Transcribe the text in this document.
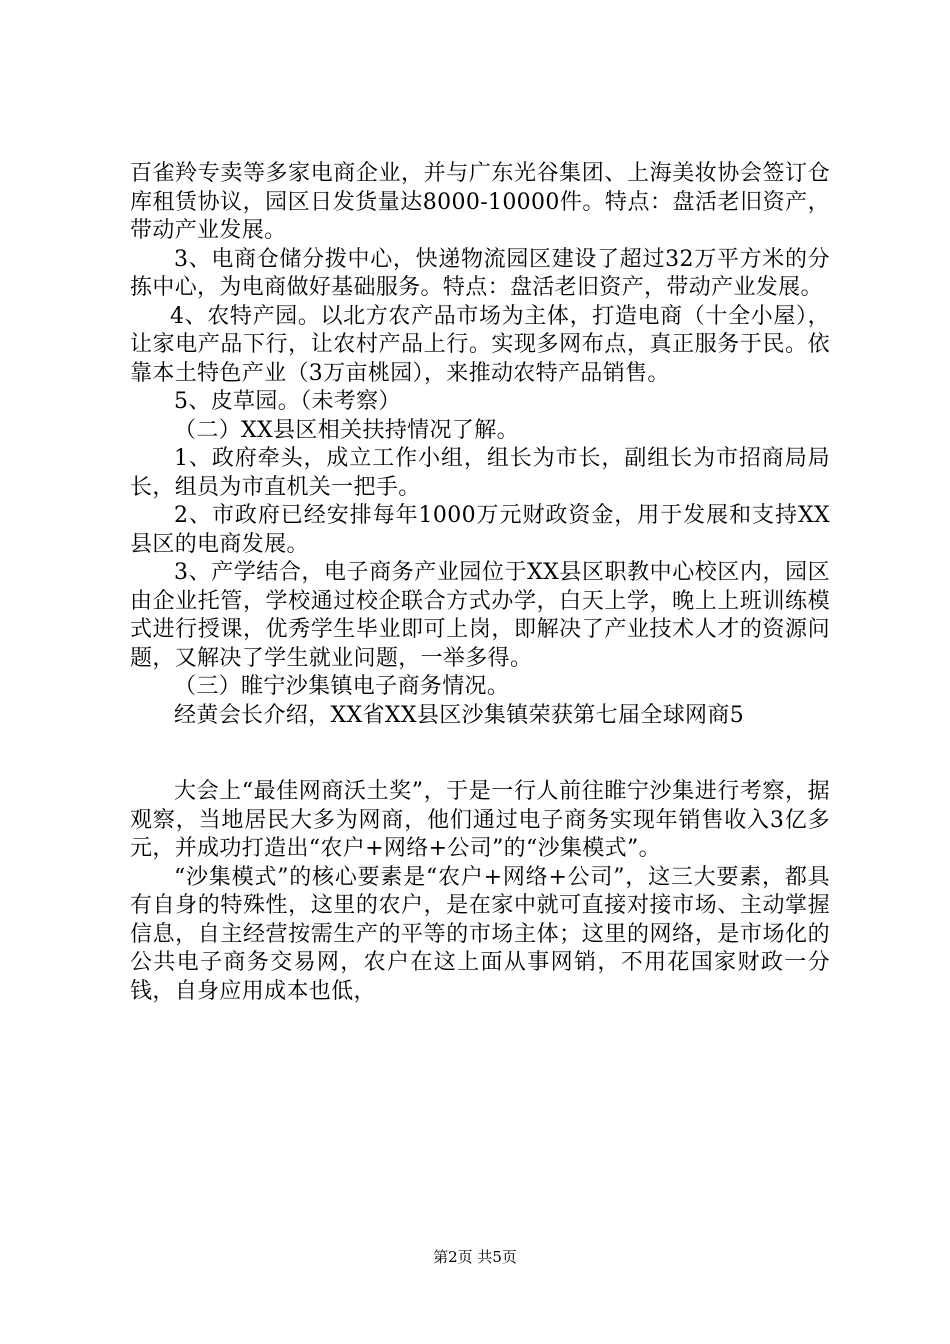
百雀羚专卖等多家电商企业，并与广东光谷集团、上海美妆协会签订仓库租赁协议，园区日发货量达8000-10000件。特点：盘活老旧资产，带动产业发展。

3、电商仓储分拨中心，快递物流园区建设了超过32万平方米的分拣中心，为电商做好基础服务。特点：盘活老旧资产，带动产业发展。

4、农特产园。以北方农产品市场为主体，打造电商（十全小屋），让家电产品下行，让农村产品上行。实现多网布点，真正服务于民。依靠本土特色产业（3万亩桃园），来推动农特产品销售。

5、皮草园。（未考察）

（二）XX县区相关扶持情况了解。

1、政府牵头，成立工作小组，组长为市长，副组长为市招商局局长，组员为市直机关一把手。

2、市政府已经安排每年1000万元财政资金，用于发展和支持XX县区的电商发展。

3、产学结合，电子商务产业园位于XX县区职教中心校区内，园区由企业托管，学校通过校企联合方式办学，白天上学，晚上上班训练模式进行授课，优秀学生毕业即可上岗，即解决了产业技术人才的资源问题，又解决了学生就业问题，一举多得。

（三）睢宁沙集镇电子商务情况。

经黄会长介绍，XX省XX县区沙集镇荣获第七届全球网商5

大会上“最佳网商沃土奖”，于是一行人前往睢宁沙集进行考察，据观察，当地居民大多为网商，他们通过电子商务实现年销售收入3亿多元，并成功打造出“农户+网络+公司”的“沙集模式”。

“沙集模式”的核心要素是“农户+网络+公司”，这三大要素，都具有自身的特殊性，这里的农户，是在家中就可直接对接市场、主动掌握信息，自主经营按需生产的平等的市场主体；这里的网络，是市场化的公共电子商务交易网，农户在这上面从事网销，不用花国家财政一分钱，自身应用成本也低，

第2页 共5页
